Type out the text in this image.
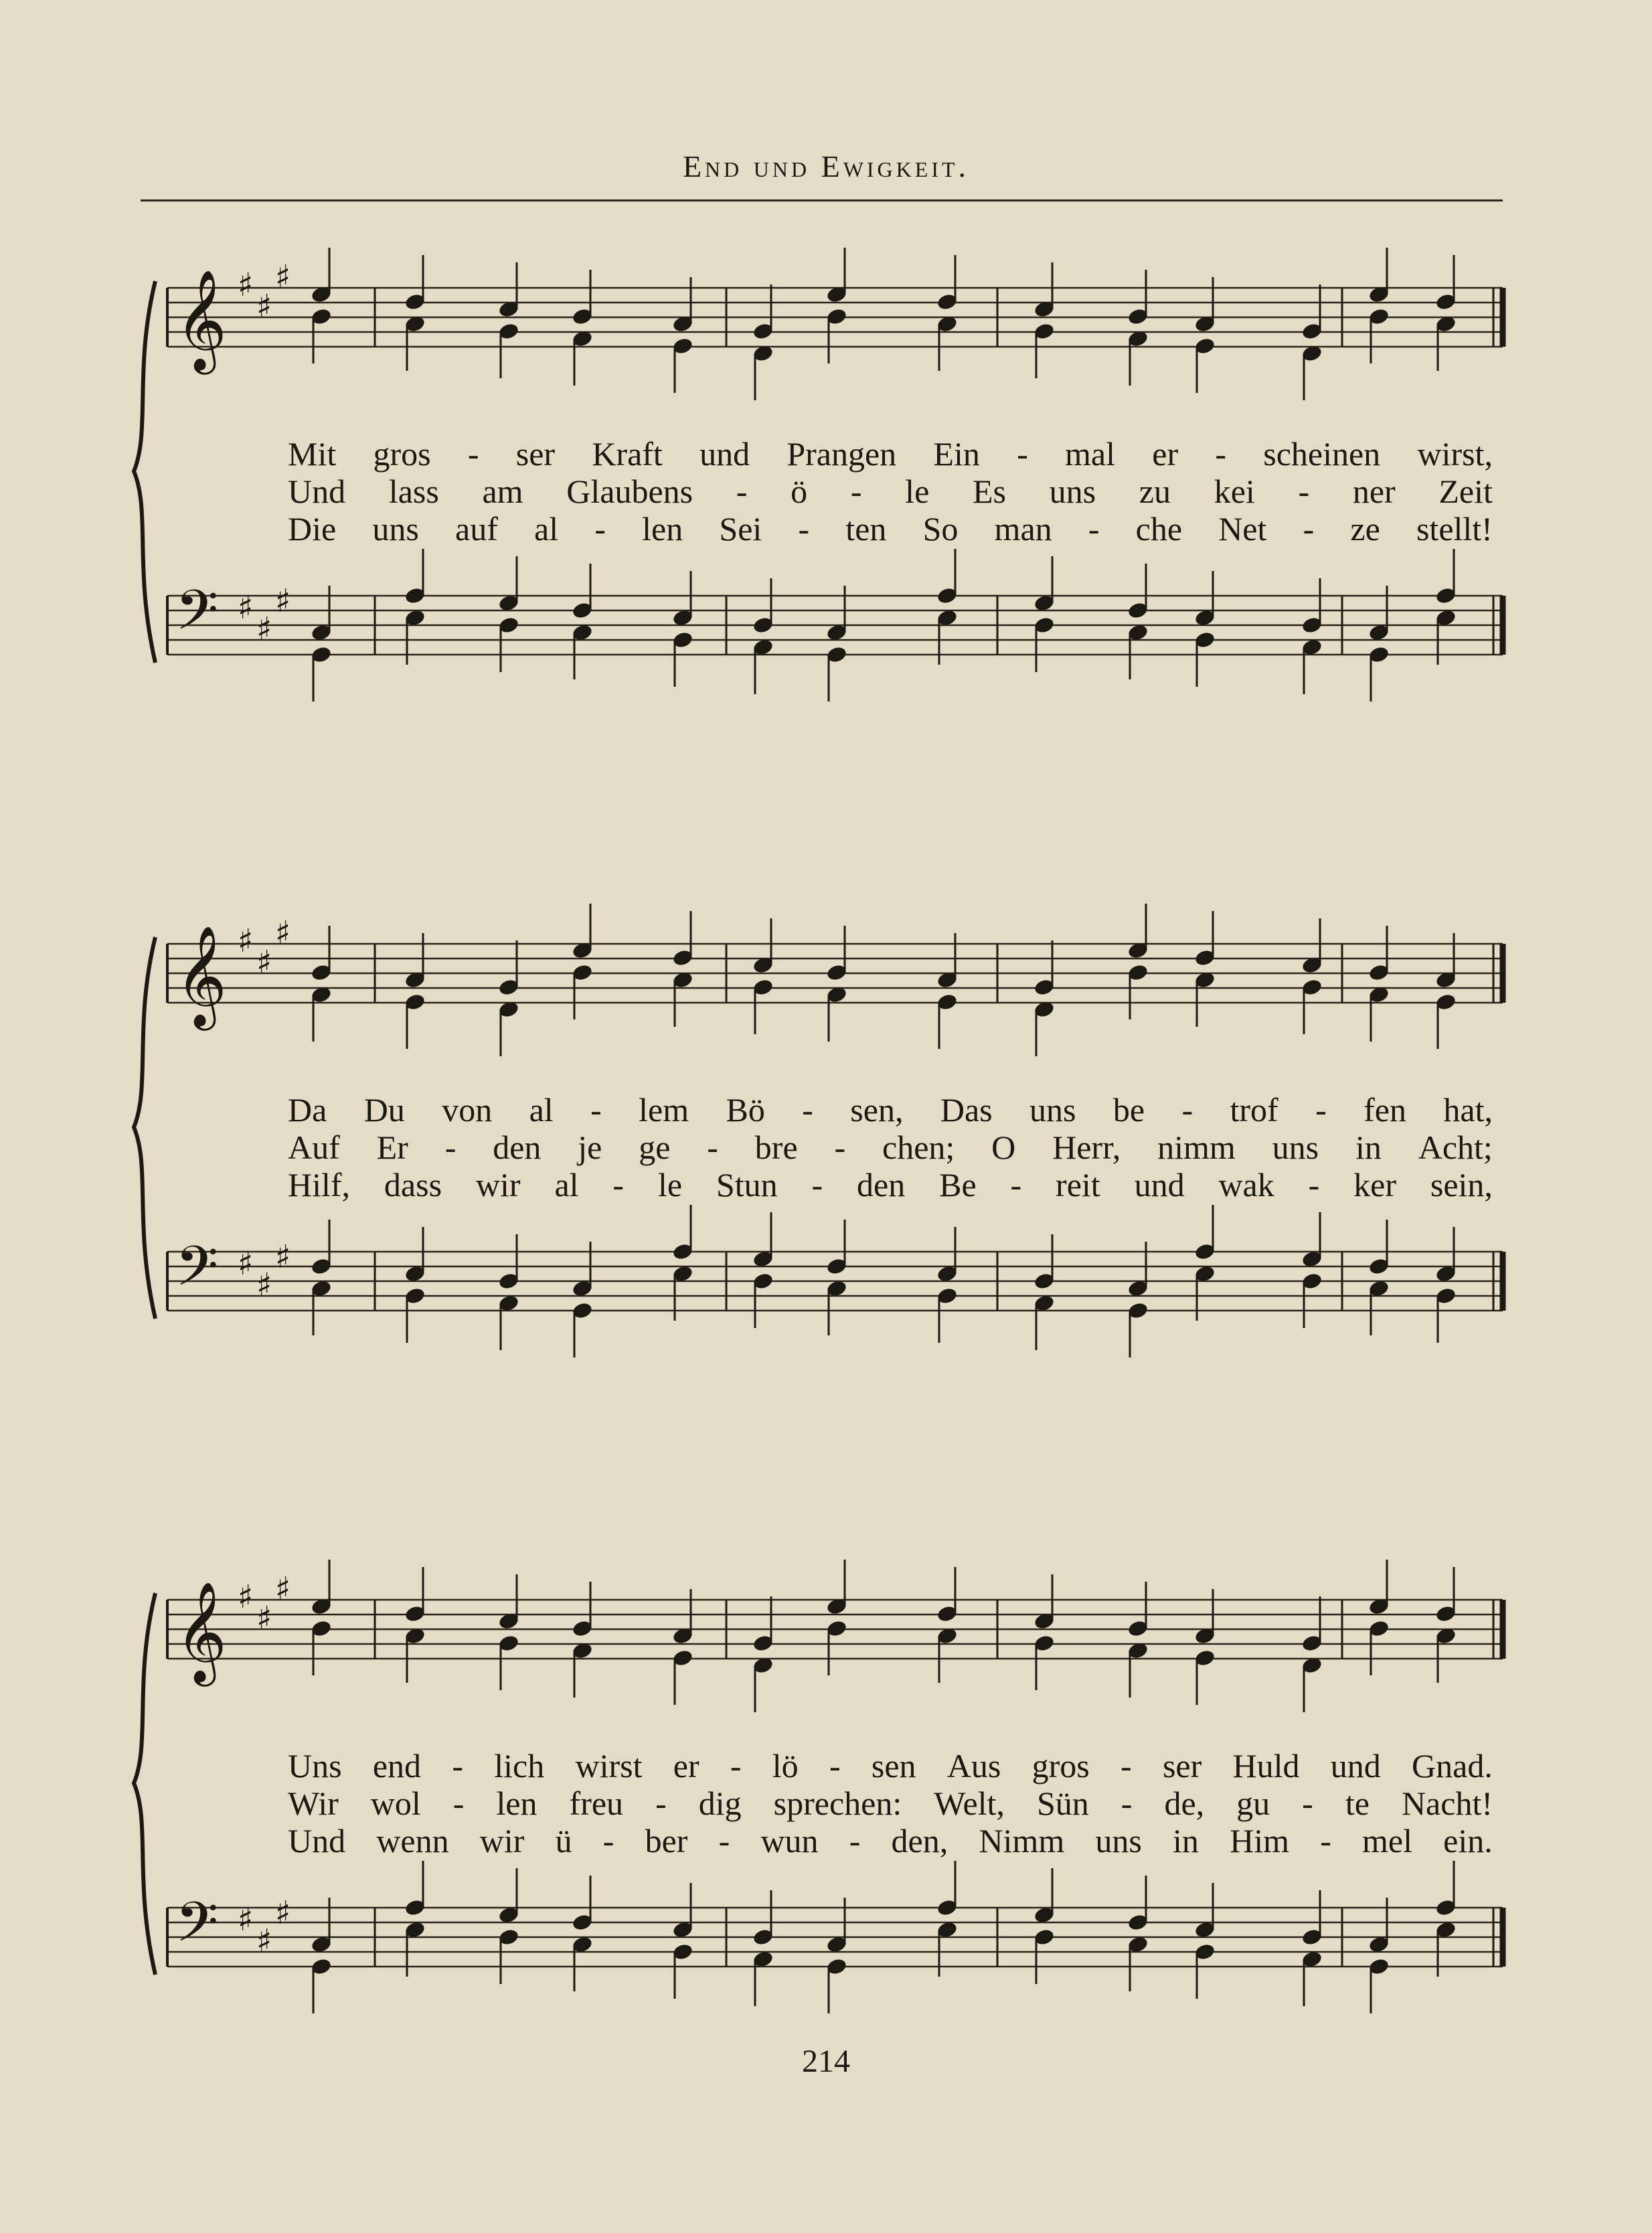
End und Ewigkeit.
𝄞 ♯
♯
♯
𝄢 ♯
♯
♯
Mit gros - ser Kraft und Prangen Ein - mal er - scheinen wirst,
Und lass am Glaubens - ö - le Es uns zu kei - ner Zeit
Die uns auf al - len Sei - ten So man - che Net - ze stellt!
𝄞 ♯
♯
♯
𝄢 ♯
♯
♯
Da Du von al - lem Bö - sen, Das uns be - trof - fen hat,
Auf Er - den je ge - bre - chen; O Herr, nimm uns in Acht;
Hilf, dass wir al - le Stun - den Be - reit und wak - ker sein,
𝄞 ♯
♯
♯
𝄢 ♯
♯
♯
Uns end - lich wirst er - lö - sen Aus gros - ser Huld und Gnad.
Wir wol - len freu - dig sprechen: Welt, Sün - de, gu - te Nacht!
Und wenn wir ü - ber - wun - den, Nimm uns in Him - mel ein.
214
